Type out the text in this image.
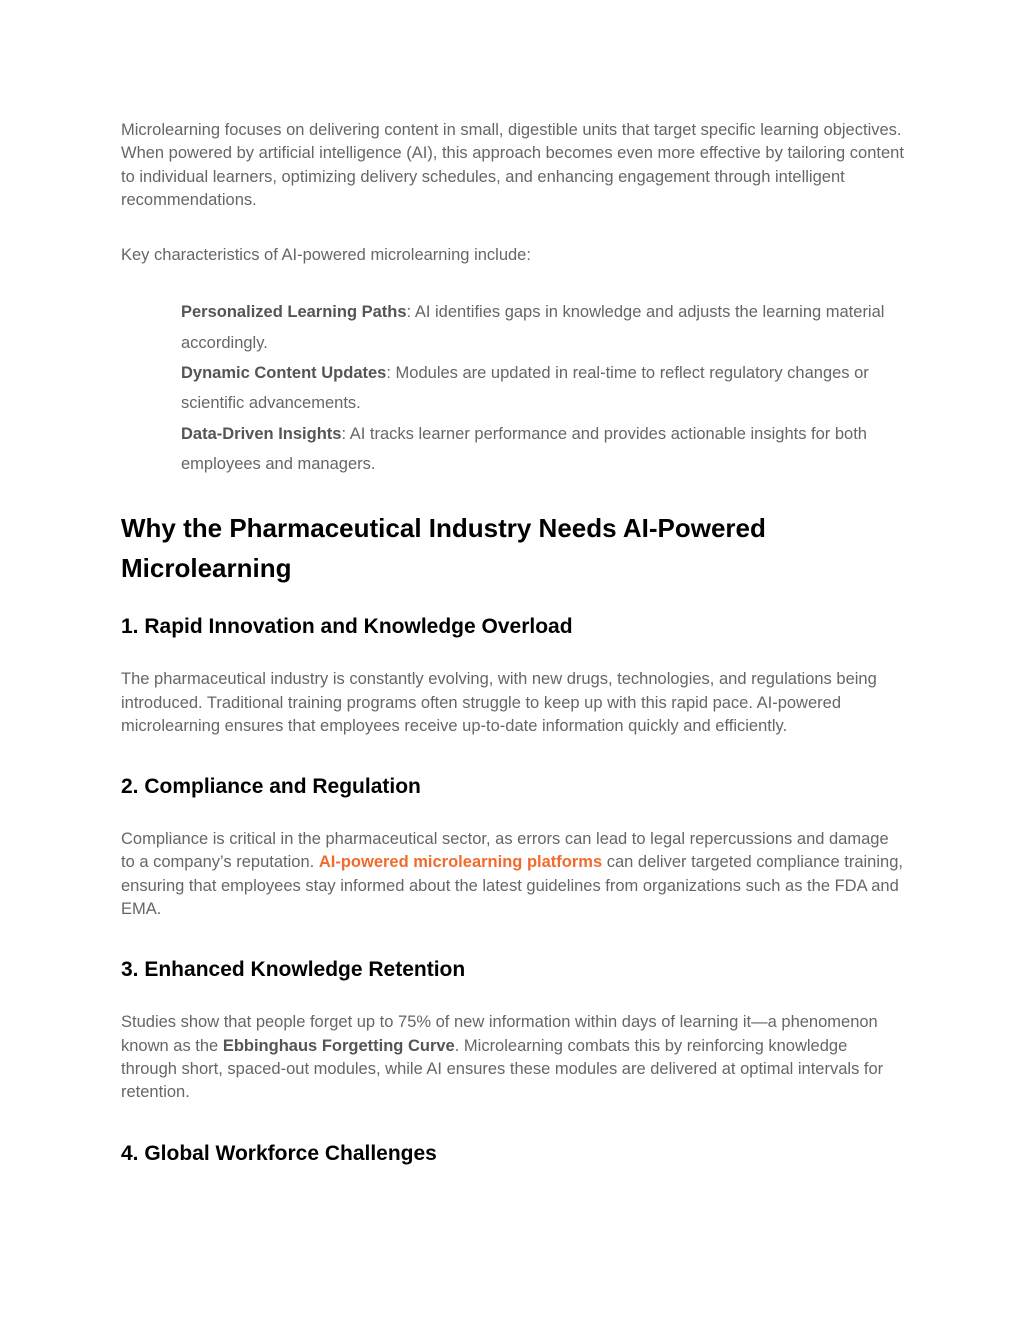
Microlearning focuses on delivering content in small, digestible units that target specific learning objectives. When powered by artificial intelligence (AI), this approach becomes even more effective by tailoring content to individual learners, optimizing delivery schedules, and enhancing engagement through intelligent recommendations.

Key characteristics of AI-powered microlearning include:

Personalized Learning Paths: AI identifies gaps in knowledge and adjusts the learning material accordingly.
Dynamic Content Updates: Modules are updated in real-time to reflect regulatory changes or scientific advancements.
Data-Driven Insights: AI tracks learner performance and provides actionable insights for both employees and managers.
Why the Pharmaceutical Industry Needs AI-Powered Microlearning
1. Rapid Innovation and Knowledge Overload

The pharmaceutical industry is constantly evolving, with new drugs, technologies, and regulations being introduced. Traditional training programs often struggle to keep up with this rapid pace. AI-powered microlearning ensures that employees receive up-to-date information quickly and efficiently.

2. Compliance and Regulation

Compliance is critical in the pharmaceutical sector, as errors can lead to legal repercussions and damage to a company’s reputation. AI-powered microlearning platforms can deliver targeted compliance training, ensuring that employees stay informed about the latest guidelines from organizations such as the FDA and EMA.

3. Enhanced Knowledge Retention

Studies show that people forget up to 75% of new information within days of learning it—a phenomenon known as the Ebbinghaus Forgetting Curve. Microlearning combats this by reinforcing knowledge through short, spaced-out modules, while AI ensures these modules are delivered at optimal intervals for retention.

4. Global Workforce Challenges
